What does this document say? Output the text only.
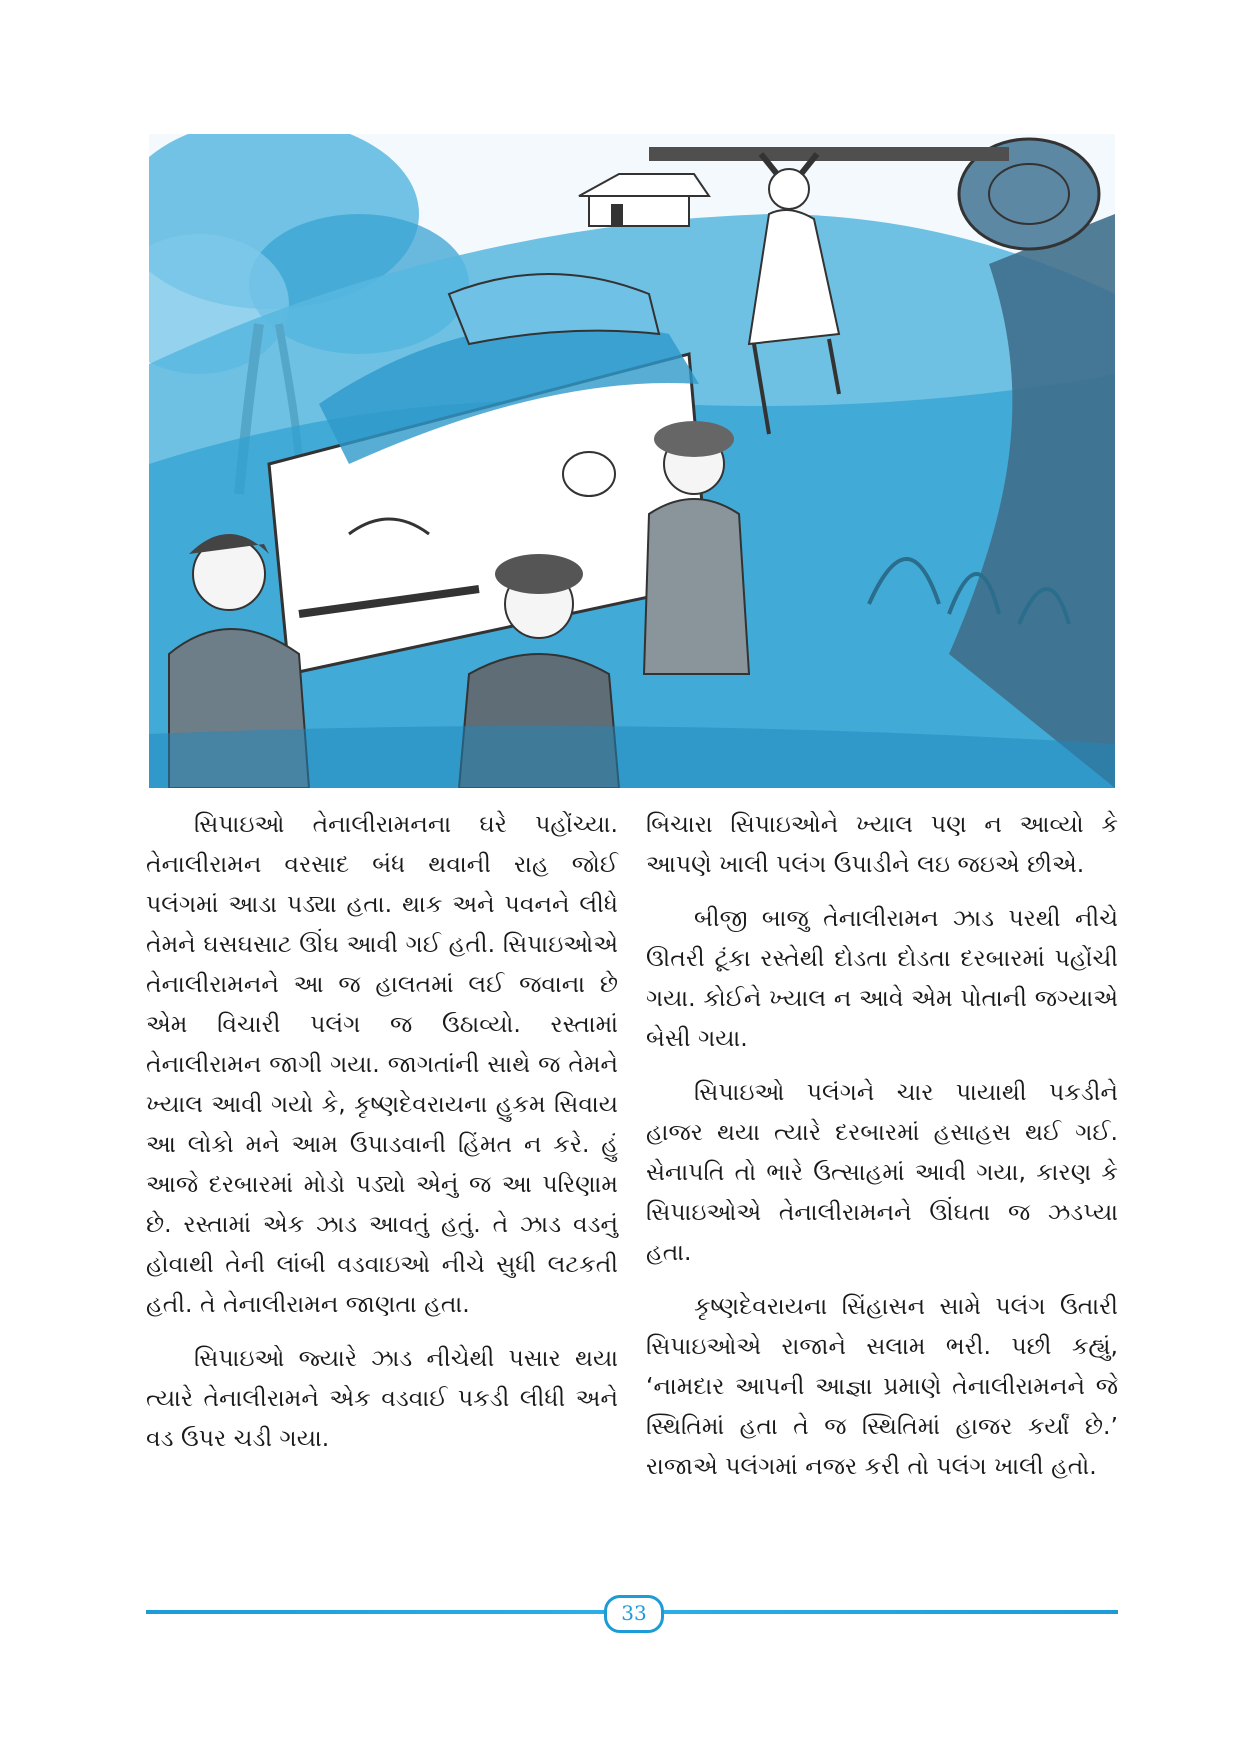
સિપાઇઓ તેનાલીરામનના ઘરે પહોંચ્યા. તેનાલીરામન વરસાદ બંધ થવાની રાહ જોઈ પલંગમાં આડા પડ્યા હતા. થાક અને પવનને લીધે તેમને ઘસઘસાટ ઊંઘ આવી ગઈ હતી. સિપાઇઓએ તેનાલીરામનને આ જ હાલતમાં લઈ જવાના છે એમ વિચારી પલંગ જ ઉઠાવ્યો. રસ્તામાં તેનાલીરામન જાગી ગયા. જાગતાંની સાથે જ તેમને ખ્યાલ આવી ગયો કે, કૃષ્ણદેવરાયના હુકમ સિવાય આ લોકો મને આમ ઉપાડવાની હિંમત ન કરે. હું આજે દરબારમાં મોડો પડ્યો એનું જ આ પરિણામ છે. રસ્તામાં એક ઝાડ આવતું હતું. તે ઝાડ વડનું હોવાથી તેની લાંબી વડવાઇઓ નીચે સુધી લટકતી હતી. તે તેનાલીરામન જાણતા હતા.

સિપાઇઓ જ્યારે ઝાડ નીચેથી પસાર થયા ત્યારે તેનાલીરામને એક વડવાઈ પકડી લીધી અને વડ ઉપર ચડી ગયા.

બિચારા સિપાઇઓને ખ્યાલ પણ ન આવ્યો કે આપણે ખાલી પલંગ ઉપાડીને લઇ જઇએ છીએ.

બીજી બાજુ તેનાલીરામન ઝાડ પરથી નીચે ઊતરી ટૂંકા રસ્તેથી દોડતા દોડતા દરબારમાં પહોંચી ગયા. કોઈને ખ્યાલ ન આવે એમ પોતાની જગ્યાએ બેસી ગયા.

સિપાઇઓ પલંગને ચાર પાયાથી પકડીને હાજર થયા ત્યારે દરબારમાં હસાહસ થઈ ગઈ. સેનાપતિ તો ભારે ઉત્સાહમાં આવી ગયા, કારણ કે સિપાઇઓએ તેનાલીરામનને ઊંઘતા જ ઝડપ્યા હતા.

કૃષ્ણદેવરાયના સિંહાસન સામે પલંગ ઉતારી સિપાઇઓએ રાજાને સલામ ભરી. પછી કહ્યું, ‘નામદાર આપની આજ્ઞા પ્રમાણે તેનાલીરામનને જે સ્થિતિમાં હતા તે જ સ્થિતિમાં હાજર કર્યાં છે.’ રાજાએ પલંગમાં નજર કરી તો પલંગ ખાલી હતો.

33
